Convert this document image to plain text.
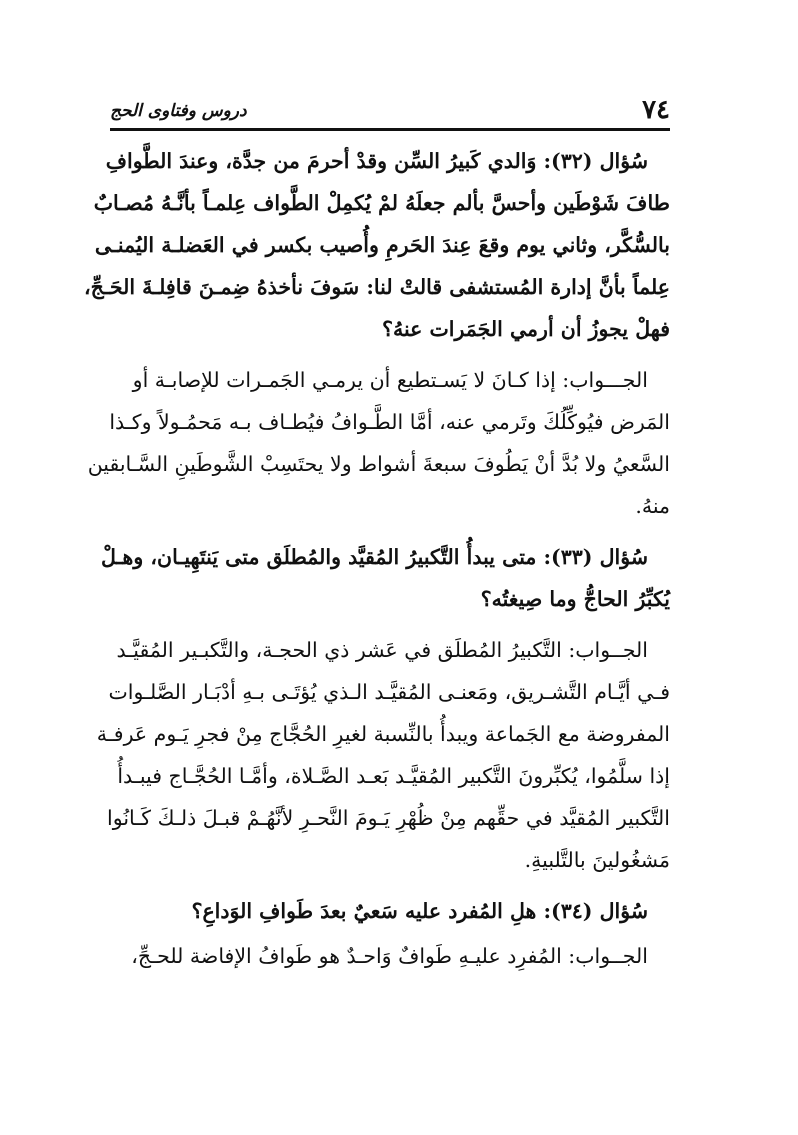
٧٤
دروس وفتاوى الحج
سُؤال (٣٢): وَالدي كَبيرُ السِّن وقدْ أحرمَ من جدَّة، وعندَ الطَّوافِ
طافَ شَوْطَين وأحسَّ بألم جعلَهُ لمْ يُكمِلْ الطَّواف عِلمـاً بأنَّـهُ مُصـابٌ
بالسُّكَّر، وثاني يوم وقعَ عِندَ الحَرمِ وأُصيب بكسر في العَضلـة اليُمنـى
عِلماً بأنَّ إدارة المُستشفى قالتْ لنا: سَوفَ نأخذهُ ضِمـنَ قافِلـةَ الحَـجِّ،
فهلْ يجوزُ أن أرمي الجَمَرات عنهُ؟
الجـــواب: إذا كـانَ لا يَسـتطيع أن يرمـي الجَمـرات للإصابـة أو
المَرض فيُوكِّلُكَ وتَرمي عنه، أمَّا الطَّـوافُ فيُطـاف بـه مَحمُـولاً وكـذا
السَّعيُ ولا بُدَّ أنْ يَطُوفَ سبعةَ أشواط ولا يحتَسِبْ الشَّوطَينِ السَّـابقين
منهُ.
سُؤال (٣٣): متى يبدأُ التَّكبيرُ المُقيَّد والمُطلَق متى يَنتَهِيـان، وهـلْ
يُكبِّرُ الحاجُّ وما صِيغتُه؟
الجــواب: التَّكبيرُ المُطلَق في عَشر ذي الحجـة، والتَّكبـير المُقيَّـد
فـي أيَّـام التَّشـريق، ومَعنـى المُقيَّـد الـذي يُؤتَـى بـهِ أدْبَـار الصَّلـوات
المفروضة مع الجَماعة ويبدأُ بالنِّسبة لغيرِ الحُجَّاج مِنْ فجرِ يَـوم عَرفـة
إذا سلَّمُوا، يُكبِّرونَ التَّكبير المُقيَّـد بَعـد الصَّـلاة، وأمَّـا الحُجَّـاج فيبـدأُ
التَّكبير المُقيَّد في حقِّهم مِنْ ظُهْرِ يَـومَ النَّحـرِ لأنَّهُـمْ قبـلَ ذلـكَ كَـانُوا
مَشغُولينَ بالتَّلبيةِ.
سُؤال (٣٤): هلِ المُفرد عليه سَعيٌ بعدَ طَوافِ الوَداعِ؟
الجــواب: المُفرِد عليـهِ طَوافٌ وَاحـدٌ هو طَوافُ الإفاضة للحـجِّ،
